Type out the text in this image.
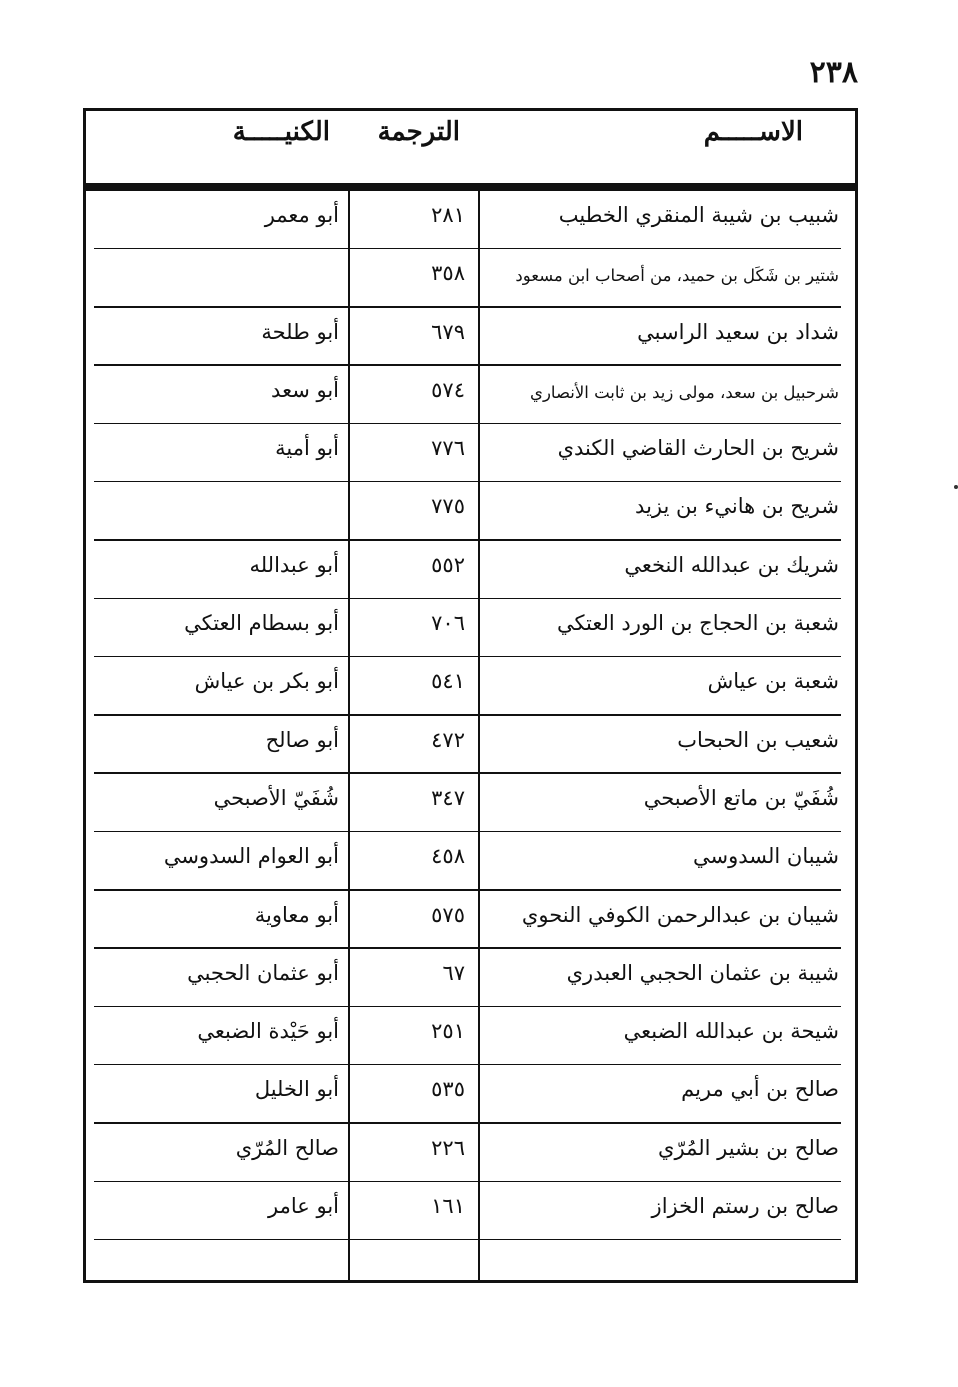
٢٣٨
الاســـــم
الترجمة
الكنيـــــة
شبيب بن شيبة المنقري الخطيب
٢٨١
أبو معمر
شتير بن شَكَل بن حميد، من أصحاب ابن مسعود
٣٥٨
شداد بن سعيد الراسبي
٦٧٩
أبو طلحة
شرحبيل بن سعد، مولى زيد بن ثابت الأنصاري
٥٧٤
أبو سعد
شريح بن الحارث القاضي الكندي
٧٧٦
أبو أمية
شريح بن هانيء بن يزيد
٧٧٥
شريك بن عبدالله النخعي
٥٥٢
أبو عبدالله
شعبة بن الحجاج بن الورد العتكي
٧٠٦
أبو بسطام العتكي
شعبة بن عياش
٥٤١
أبو بكر بن عياش
شعيب بن الحبحاب
٤٧٢
أبو صالح
شُفَيّ بن ماتع الأصبحي
٣٤٧
شُفَيّ الأصبحي
شيبان السدوسي
٤٥٨
أبو العوام السدوسي
شيبان بن عبدالرحمن الكوفي النحوي
٥٧٥
أبو معاوية
شيبة بن عثمان الحجبي العبدري
٦٧
أبو عثمان الحجبي
شيحة بن عبدالله الضبعي
٢٥١
أبو حَيْدة الضبعي
صالح بن أبي مريم
٥٣٥
أبو الخليل
صالح بن بشير المُرّي
٢٢٦
صالح المُرّي
صالح بن رستم الخزاز
١٦١
أبو عامر
